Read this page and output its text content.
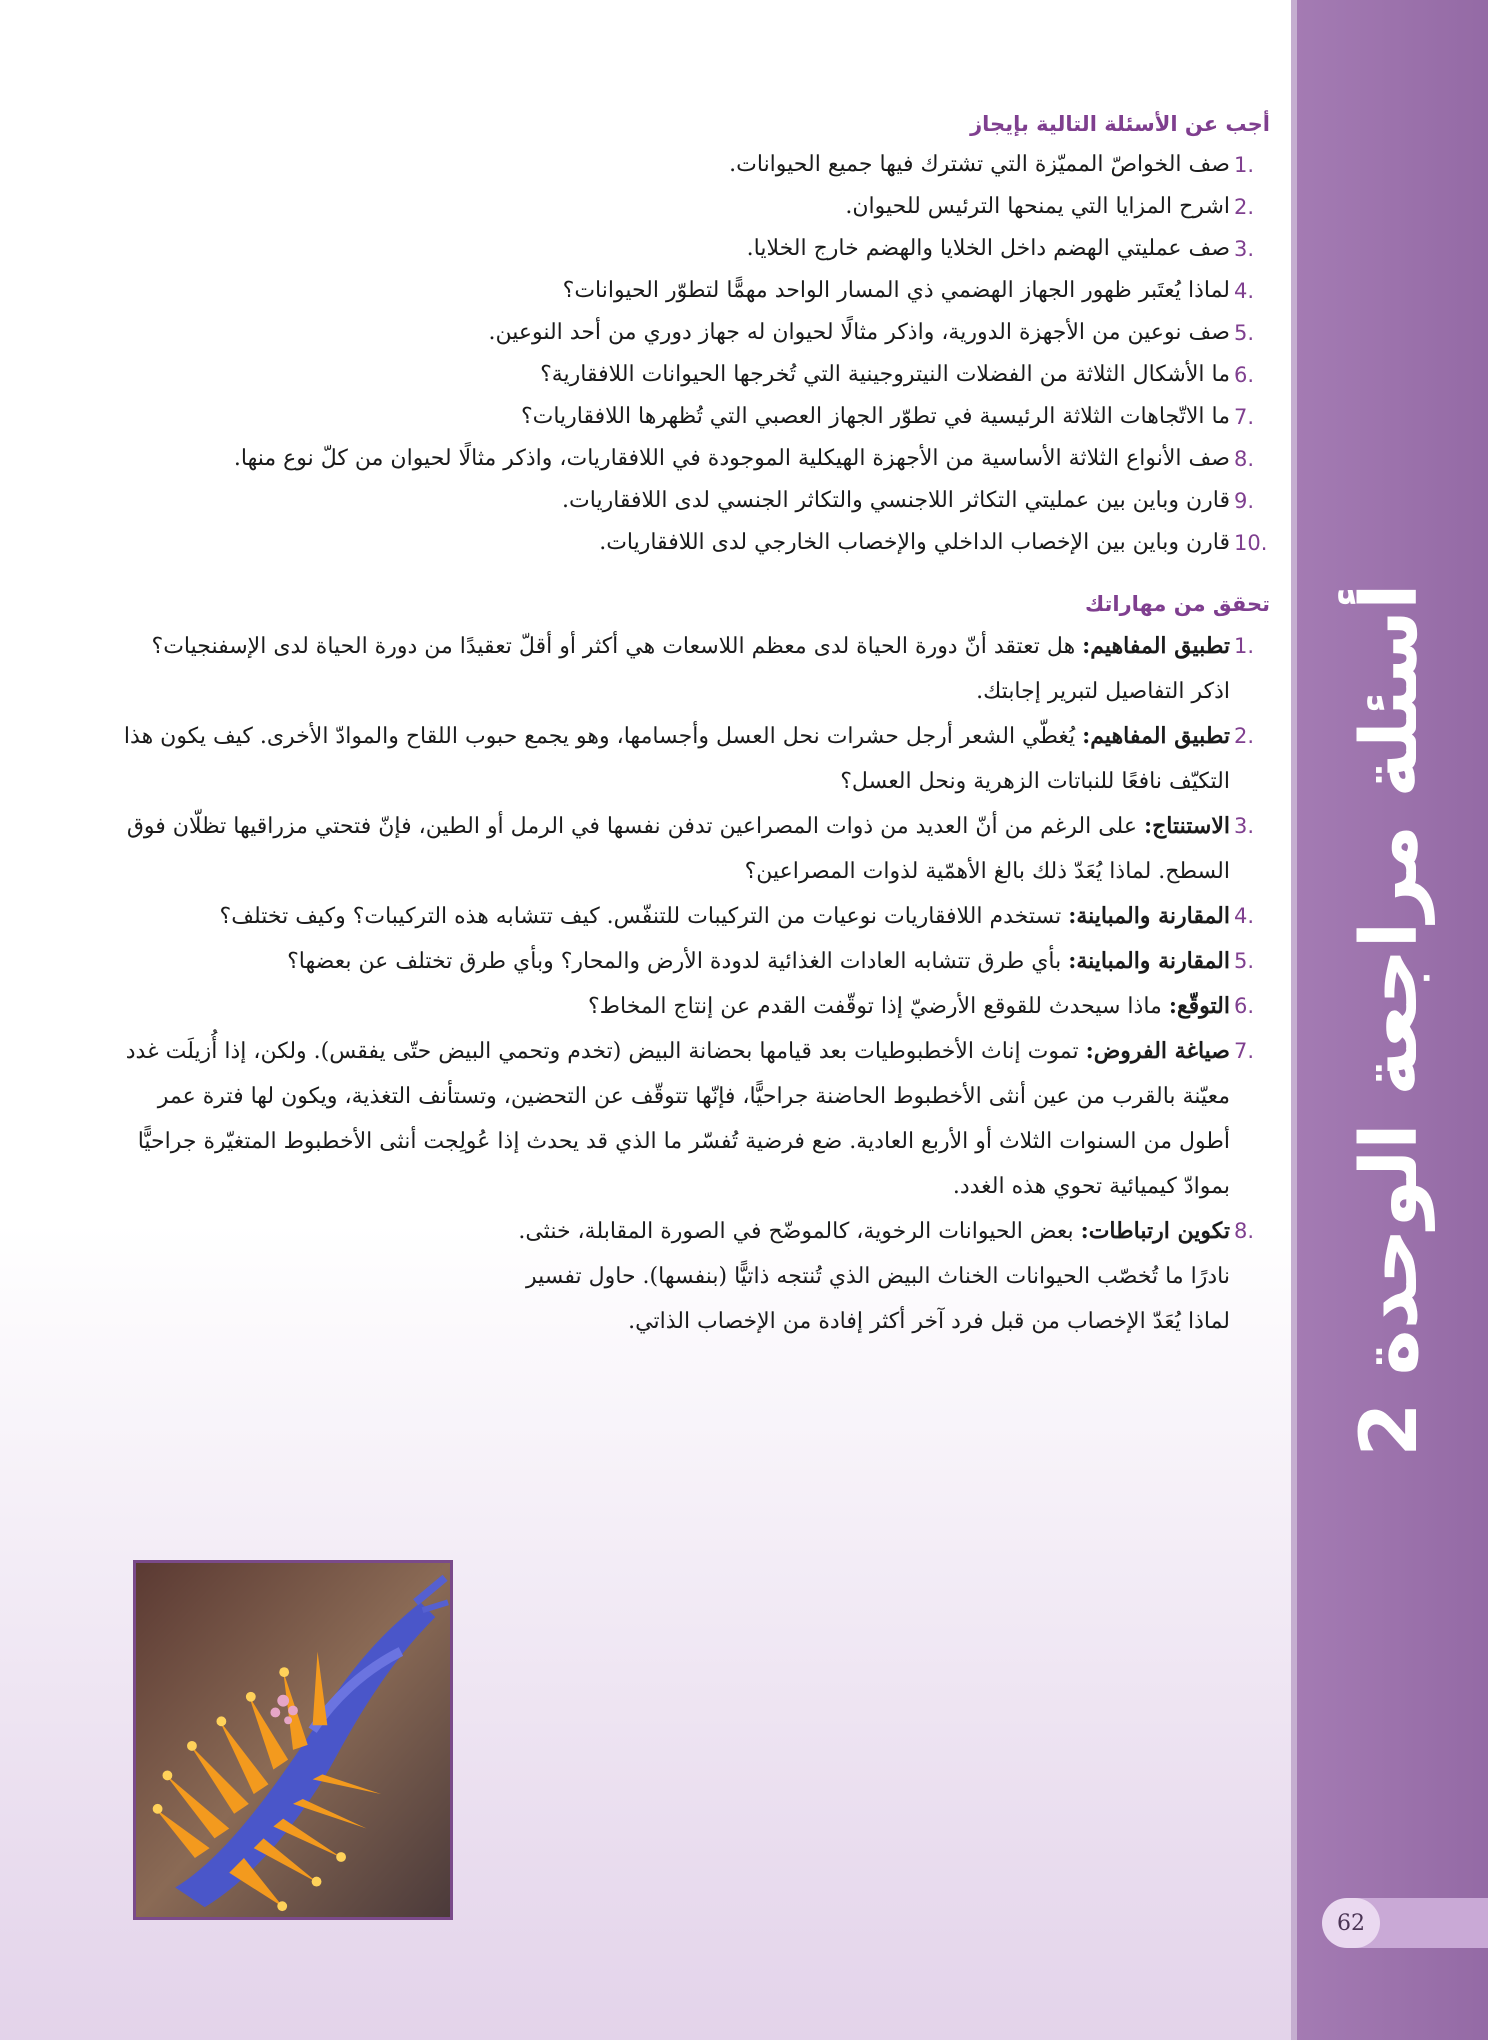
أسئلة مراجعة الوحدة 2
62
أجب عن الأسئلة التالية بإيجاز
1.
صف الخواصّ المميّزة التي تشترك فيها جميع الحيوانات.
2.
اشرح المزايا التي يمنحها الترئيس للحيوان.
3.
صف عمليتي الهضم داخل الخلايا والهضم خارج الخلايا.
4.
لماذا يُعتَبر ظهور الجهاز الهضمي ذي المسار الواحد مهمًّا لتطوّر الحيوانات؟
5.
صف نوعين من الأجهزة الدورية، واذكر مثالًا لحيوان له جهاز دوري من أحد النوعين.
6.
ما الأشكال الثلاثة من الفضلات النيتروجينية التي تُخرجها الحيوانات اللافقارية؟
7.
ما الاتّجاهات الثلاثة الرئيسية في تطوّر الجهاز العصبي التي تُظهرها اللافقاريات؟
8.
صف الأنواع الثلاثة الأساسية من الأجهزة الهيكلية الموجودة في اللافقاريات، واذكر مثالًا لحيوان من كلّ نوع منها.
9.
قارن وباين بين عمليتي التكاثر اللاجنسي والتكاثر الجنسي لدى اللافقاريات.
10.
قارن وباين بين الإخصاب الداخلي والإخصاب الخارجي لدى اللافقاريات.
تحقق من مهاراتك
1.
تطبيق المفاهيم: هل تعتقد أنّ دورة الحياة لدى معظم اللاسعات هي أكثر أو أقلّ تعقيدًا من دورة الحياة لدى الإسفنجيات؟ اذكر التفاصيل لتبرير إجابتك.
2.
تطبيق المفاهيم: يُغطّي الشعر أرجل حشرات نحل العسل وأجسامها، وهو يجمع حبوب اللقاح والموادّ الأخرى. كيف يكون هذا التكيّف نافعًا للنباتات الزهرية ونحل العسل؟
3.
الاستنتاج: على الرغم من أنّ العديد من ذوات المصراعين تدفن نفسها في الرمل أو الطين، فإنّ فتحتي مزراقيها تظلّان فوق السطح. لماذا يُعَدّ ذلك بالغ الأهمّية لذوات المصراعين؟
4.
المقارنة والمباينة: تستخدم اللافقاريات نوعيات من التركيبات للتنفّس. كيف تتشابه هذه التركيبات؟ وكيف تختلف؟
5.
المقارنة والمباينة: بأي طرق تتشابه العادات الغذائية لدودة الأرض والمحار؟ وبأي طرق تختلف عن بعضها؟
6.
التوقّع: ماذا سيحدث للقوقع الأرضيّ إذا توقّفت القدم عن إنتاج المخاط؟
7.
صياغة الفروض: تموت إناث الأخطبوطيات بعد قيامها بحضانة البيض (تخدم وتحمي البيض حتّى يفقس). ولكن، إذا أُزيلَت غدد معيّنة بالقرب من عين أنثى الأخطبوط الحاضنة جراحيًّا، فإنّها تتوقّف عن التحضين، وتستأنف التغذية، ويكون لها فترة عمر أطول من السنوات الثلاث أو الأربع العادية. ضع فرضية تُفسّر ما الذي قد يحدث إذا عُولِجت أنثى الأخطبوط المتغيّرة جراحيًّا بموادّ كيميائية تحوي هذه الغدد.
8.
تكوين ارتباطات: بعض الحيوانات الرخوية، كالموضّح في الصورة المقابلة، خنثى. نادرًا ما تُخصّب الحيوانات الخناث البيض الذي تُنتجه ذاتيًّا (بنفسها). حاول تفسير لماذا يُعَدّ الإخصاب من قبل فرد آخر أكثر إفادة من الإخصاب الذاتي.
